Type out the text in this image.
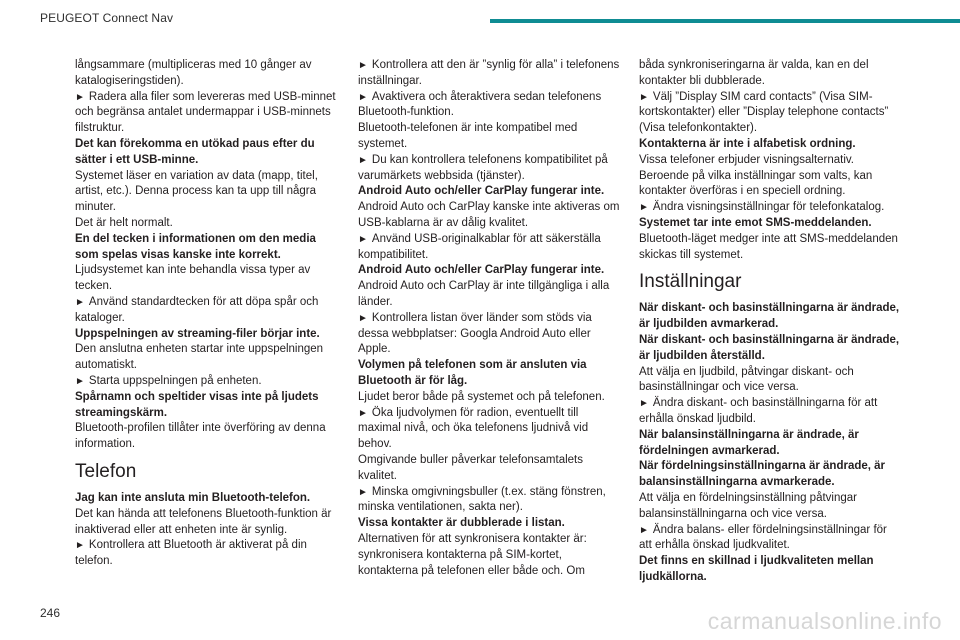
PEUGEOT Connect Nav

långsammare (multipliceras med 10 gånger av katalogiseringstiden).

► Radera alla filer som levereras med USB-minnet och begränsa antalet undermappar i USB-minnets filstruktur.

Det kan förekomma en utökad paus efter du sätter i ett USB-minne.

Systemet läser en variation av data (mapp, titel, artist, etc.). Denna process kan ta upp till några minuter.

Det är helt normalt.

En del tecken i informationen om den media som spelas visas kanske inte korrekt.

Ljudsystemet kan inte behandla vissa typer av tecken.

► Använd standardtecken för att döpa spår och kataloger.

Uppspelningen av streaming-filer börjar inte.

Den anslutna enheten startar inte uppspelningen automatiskt.

► Starta uppspelningen på enheten.

Spårnamn och speltider visas inte på ljudets streamingskärm.

Bluetooth-profilen tillåter inte överföring av denna information.

Telefon

Jag kan inte ansluta min Bluetooth-telefon.

Det kan hända att telefonens Bluetooth-funktion är inaktiverad eller att enheten inte är synlig.

► Kontrollera att Bluetooth är aktiverat på din telefon.

► Kontrollera att den är ”synlig för alla” i telefonens inställningar.

► Avaktivera och återaktivera sedan telefonens Bluetooth-funktion.

Bluetooth-telefonen är inte kompatibel med systemet.

► Du kan kontrollera telefonens kompatibilitet på varumärkets webbsida (tjänster).

Android Auto och/eller CarPlay fungerar inte.

Android Auto och CarPlay kanske inte aktiveras om USB-kablarna är av dålig kvalitet.

► Använd USB-originalkablar för att säkerställa kompatibilitet.

Android Auto och/eller CarPlay fungerar inte.

Android Auto och CarPlay är inte tillgängliga i alla länder.

► Kontrollera listan över länder som stöds via dessa webbplatser: Googla Android Auto eller Apple.

Volymen på telefonen som är ansluten via Bluetooth är för låg.

Ljudet beror både på systemet och på telefonen.

► Öka ljudvolymen för radion, eventuellt till maximal nivå, och öka telefonens ljudnivå vid behov.

Omgivande buller påverkar telefonsamtalets kvalitet.

► Minska omgivningsbuller (t.ex. stäng fönstren, minska ventilationen, sakta ner).

Vissa kontakter är dubblerade i listan.

Alternativen för att synkronisera kontakter är: synkronisera kontakterna på SIM-kortet, kontakterna på telefonen eller både och. Om

båda synkroniseringarna är valda, kan en del kontakter bli dubblerade.

► Välj ”Display SIM card contacts” (Visa SIM-kortskontakter) eller ”Display telephone contacts” (Visa telefonkontakter).

Kontakterna är inte i alfabetisk ordning.

Vissa telefoner erbjuder visningsalternativ. Beroende på vilka inställningar som valts, kan kontakter överföras i en speciell ordning.

► Ändra visningsinställningar för telefonkatalog.

Systemet tar inte emot SMS-meddelanden.

Bluetooth-läget medger inte att SMS-meddelanden skickas till systemet.

Inställningar

När diskant- och basinställningarna är ändrade, är ljudbilden avmarkerad.

När diskant- och basinställningarna är ändrade, är ljudbilden återställd.

Att välja en ljudbild, påtvingar diskant- och basinställningar och vice versa.

► Ändra diskant- och basinställningarna för att erhålla önskad ljudbild.

När balansinställningarna är ändrade, är fördelningen avmarkerad.

När fördelningsinställningarna är ändrade, är balansinställningarna avmarkerade.

Att välja en fördelningsinställning påtvingar balansinställningarna och vice versa.

► Ändra balans- eller fördelningsinställningar för att erhålla önskad ljudkvalitet.

Det finns en skillnad i ljudkvaliteten mellan ljudkällorna.

246	carmanualsonline.info
